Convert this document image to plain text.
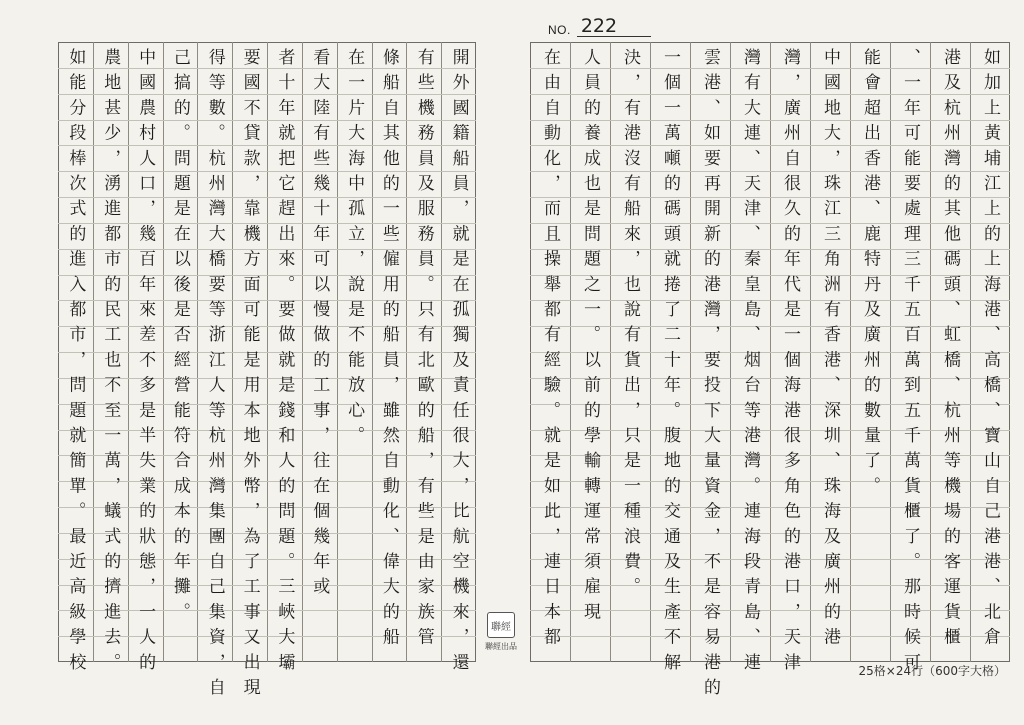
NO. 222
如加上黃埔江上的上海港、高橋、寶山自己港港、北倉
港及杭州灣的其他碼頭、虹橋、杭州等機場的客運貨櫃
、一年可能要處理三千五百萬到五千萬貨櫃了。那時候可
能會超出香港、鹿特丹及廣州的數量了。
中國地大，珠江三角洲有香港、深圳、珠海及廣州的港
灣，廣州自很久的年代是一個海港很多角色的港口，天津
灣有大連、天津、秦皇島、烟台等港灣。連海段青島、連
雲港、如要再開新的港灣，要投下大量資金，不是容易港的
一個一萬噸的碼頭就捲了二十年。腹地的交通及生產不解
決，有港沒有船來，也說有貨出，只是一種浪費。
人員的養成也是問題之一。以前的學輸轉運常須雇現
在由自動化，而且操舉都有經驗。就是如此，連日本都
開外國籍船員，就是在孤獨及責任很大，比航空機來，還
有些機務員及服務員。只有北歐的船，有些是由家族管
條船自其他的一些僱用的船員，雖然自動化、偉大的船
在一片大海中孤立，說是不能放心。
看大陸有些幾十年可以慢做的工事，往在個幾年或
者十年就把它趕出來。要做就是錢和人的問題。三峽大壩
要國不貸款，靠機方面可能是用本地外幣，為了工事又出現
得等數。杭州灣大橋要等浙江人等杭州灣集團自己集資，自
己搞的。問題是在以後是否經營能符合成本的年攤。
中國農村人口，幾百年來差不多是半失業的狀態，一人的
農地甚少，湧進都市的民工也不至一萬，蟻式的擠進去。
如能分段棒次式的進入都市，問題就簡單。最近高級學校	聯經
聯經出品
25格×24行（600字大格）
